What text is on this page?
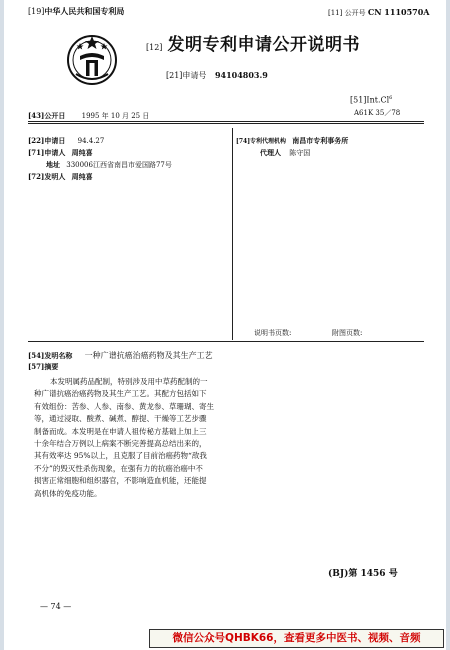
[19]中华人民共和国专利局	[11] 公开号 CN 1110570A
[12] 发明专利申请公开说明书
[21]申请号 94104803.9
[51]Int.Cl$^6$
A61K 35／78
[43]公开日 1995 年 10 月 25 日
[22]申请日 94.4.27
[71]申请人 周纯喜
地址 330006江西省南昌市爱国路77号
[72]发明人 周纯喜
[74]专利代理机构 南昌市专利事务所
代理人 陈守国
说明书页数:	附图页数:
[54]发明名称 一种广谱抗癌治癌药物及其生产工艺
[57]摘要
本发明属药品配制，特别涉及用中草药配制的一
种广谱抗癌治癌药物及其生产工艺。其配方包括如下
有效组份：苦参、人参、南参、黄龙参、草珊瑚、寄生
等，通过浸取、酸煮、碱煮、醇提、干燥等工艺步骤
制备而成。本发明是在申请人祖传秘方基础上加上三
十余年结合万例以上病案不断完善提高总结出来的，
其有效率达 95%以上，且克服了目前治癌药物“敌我
不分”的毁灭性杀伤现象，在强有力的抗癌治癌中不
损害正常细胞和组织器官，不影响造血机能，还能提
高机体的免疫功能。
(BJ)第 1456 号
— 74 —
微信公众号QHBK66，查看更多中医书、视频、音频
